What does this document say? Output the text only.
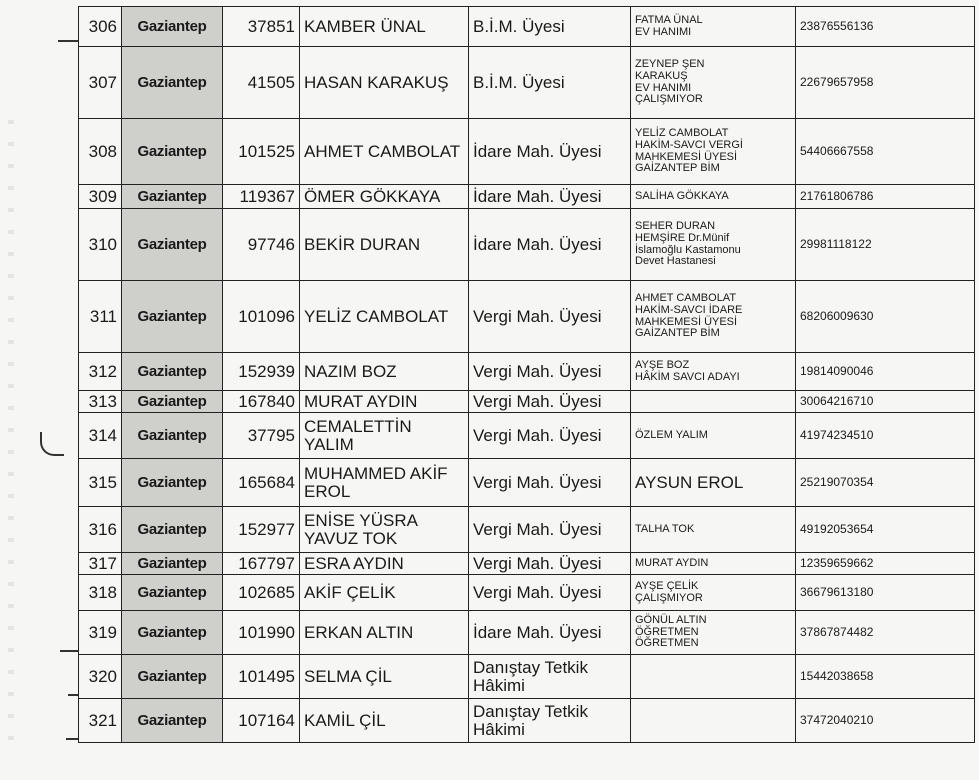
306	Gaziantep	37851	KAMBER ÜNAL	B.İ.M. Üyesi	FATMA ÜNAL
EV HANIMI	23876556136
307	Gaziantep	41505	HASAN KARAKUŞ	B.İ.M. Üyesi	ZEYNEP ŞEN
KARAKUŞ
EV HANIMI
ÇALIŞMIYOR	22679657958
308	Gaziantep	101525	AHMET CAMBOLAT	İdare Mah. Üyesi	YELİZ CAMBOLAT
HAKİM-SAVCI VERGİ
MAHKEMESİ ÜYESİ
GAİZANTEP BİM	54406667558
309	Gaziantep	119367	ÖMER GÖKKAYA	İdare Mah. Üyesi	SALİHA GÖKKAYA	21761806786
310	Gaziantep	97746	BEKİR DURAN	İdare Mah. Üyesi	SEHER DURAN
HEMŞİRE Dr.Münif
İslamoğlu Kastamonu
Devet Hastanesi	29981118122
311	Gaziantep	101096	YELİZ CAMBOLAT	Vergi Mah. Üyesi	AHMET CAMBOLAT
HAKİM-SAVCI İDARE
MAHKEMESİ ÜYESİ
GAİZANTEP BİM	68206009630
312	Gaziantep	152939	NAZIM BOZ	Vergi Mah. Üyesi	AYŞE BOZ
HÂKİM SAVCI ADAYI	19814090046
313	Gaziantep	167840	MURAT AYDIN	Vergi Mah. Üyesi		30064216710
314	Gaziantep	37795	CEMALETTİN YALIM	Vergi Mah. Üyesi	ÖZLEM YALIM	41974234510
315	Gaziantep	165684	MUHAMMED AKİF EROL	Vergi Mah. Üyesi	AYSUN EROL	25219070354
316	Gaziantep	152977	ENİSE YÜSRA YAVUZ TOK	Vergi Mah. Üyesi	TALHA TOK	49192053654
317	Gaziantep	167797	ESRA AYDIN	Vergi Mah. Üyesi	MURAT AYDIN	12359659662
318	Gaziantep	102685	AKİF ÇELİK	Vergi Mah. Üyesi	AYŞE ÇELİK
ÇALIŞMIYOR	36679613180
319	Gaziantep	101990	ERKAN ALTIN	İdare Mah. Üyesi	GÖNÜL ALTIN
ÖĞRETMEN
ÖĞRETMEN	37867874482
320	Gaziantep	101495	SELMA ÇİL	Danıştay Tetkik Hâkimi		15442038658
321	Gaziantep	107164	KAMİL ÇİL	Danıştay Tetkik Hâkimi		37472040210
